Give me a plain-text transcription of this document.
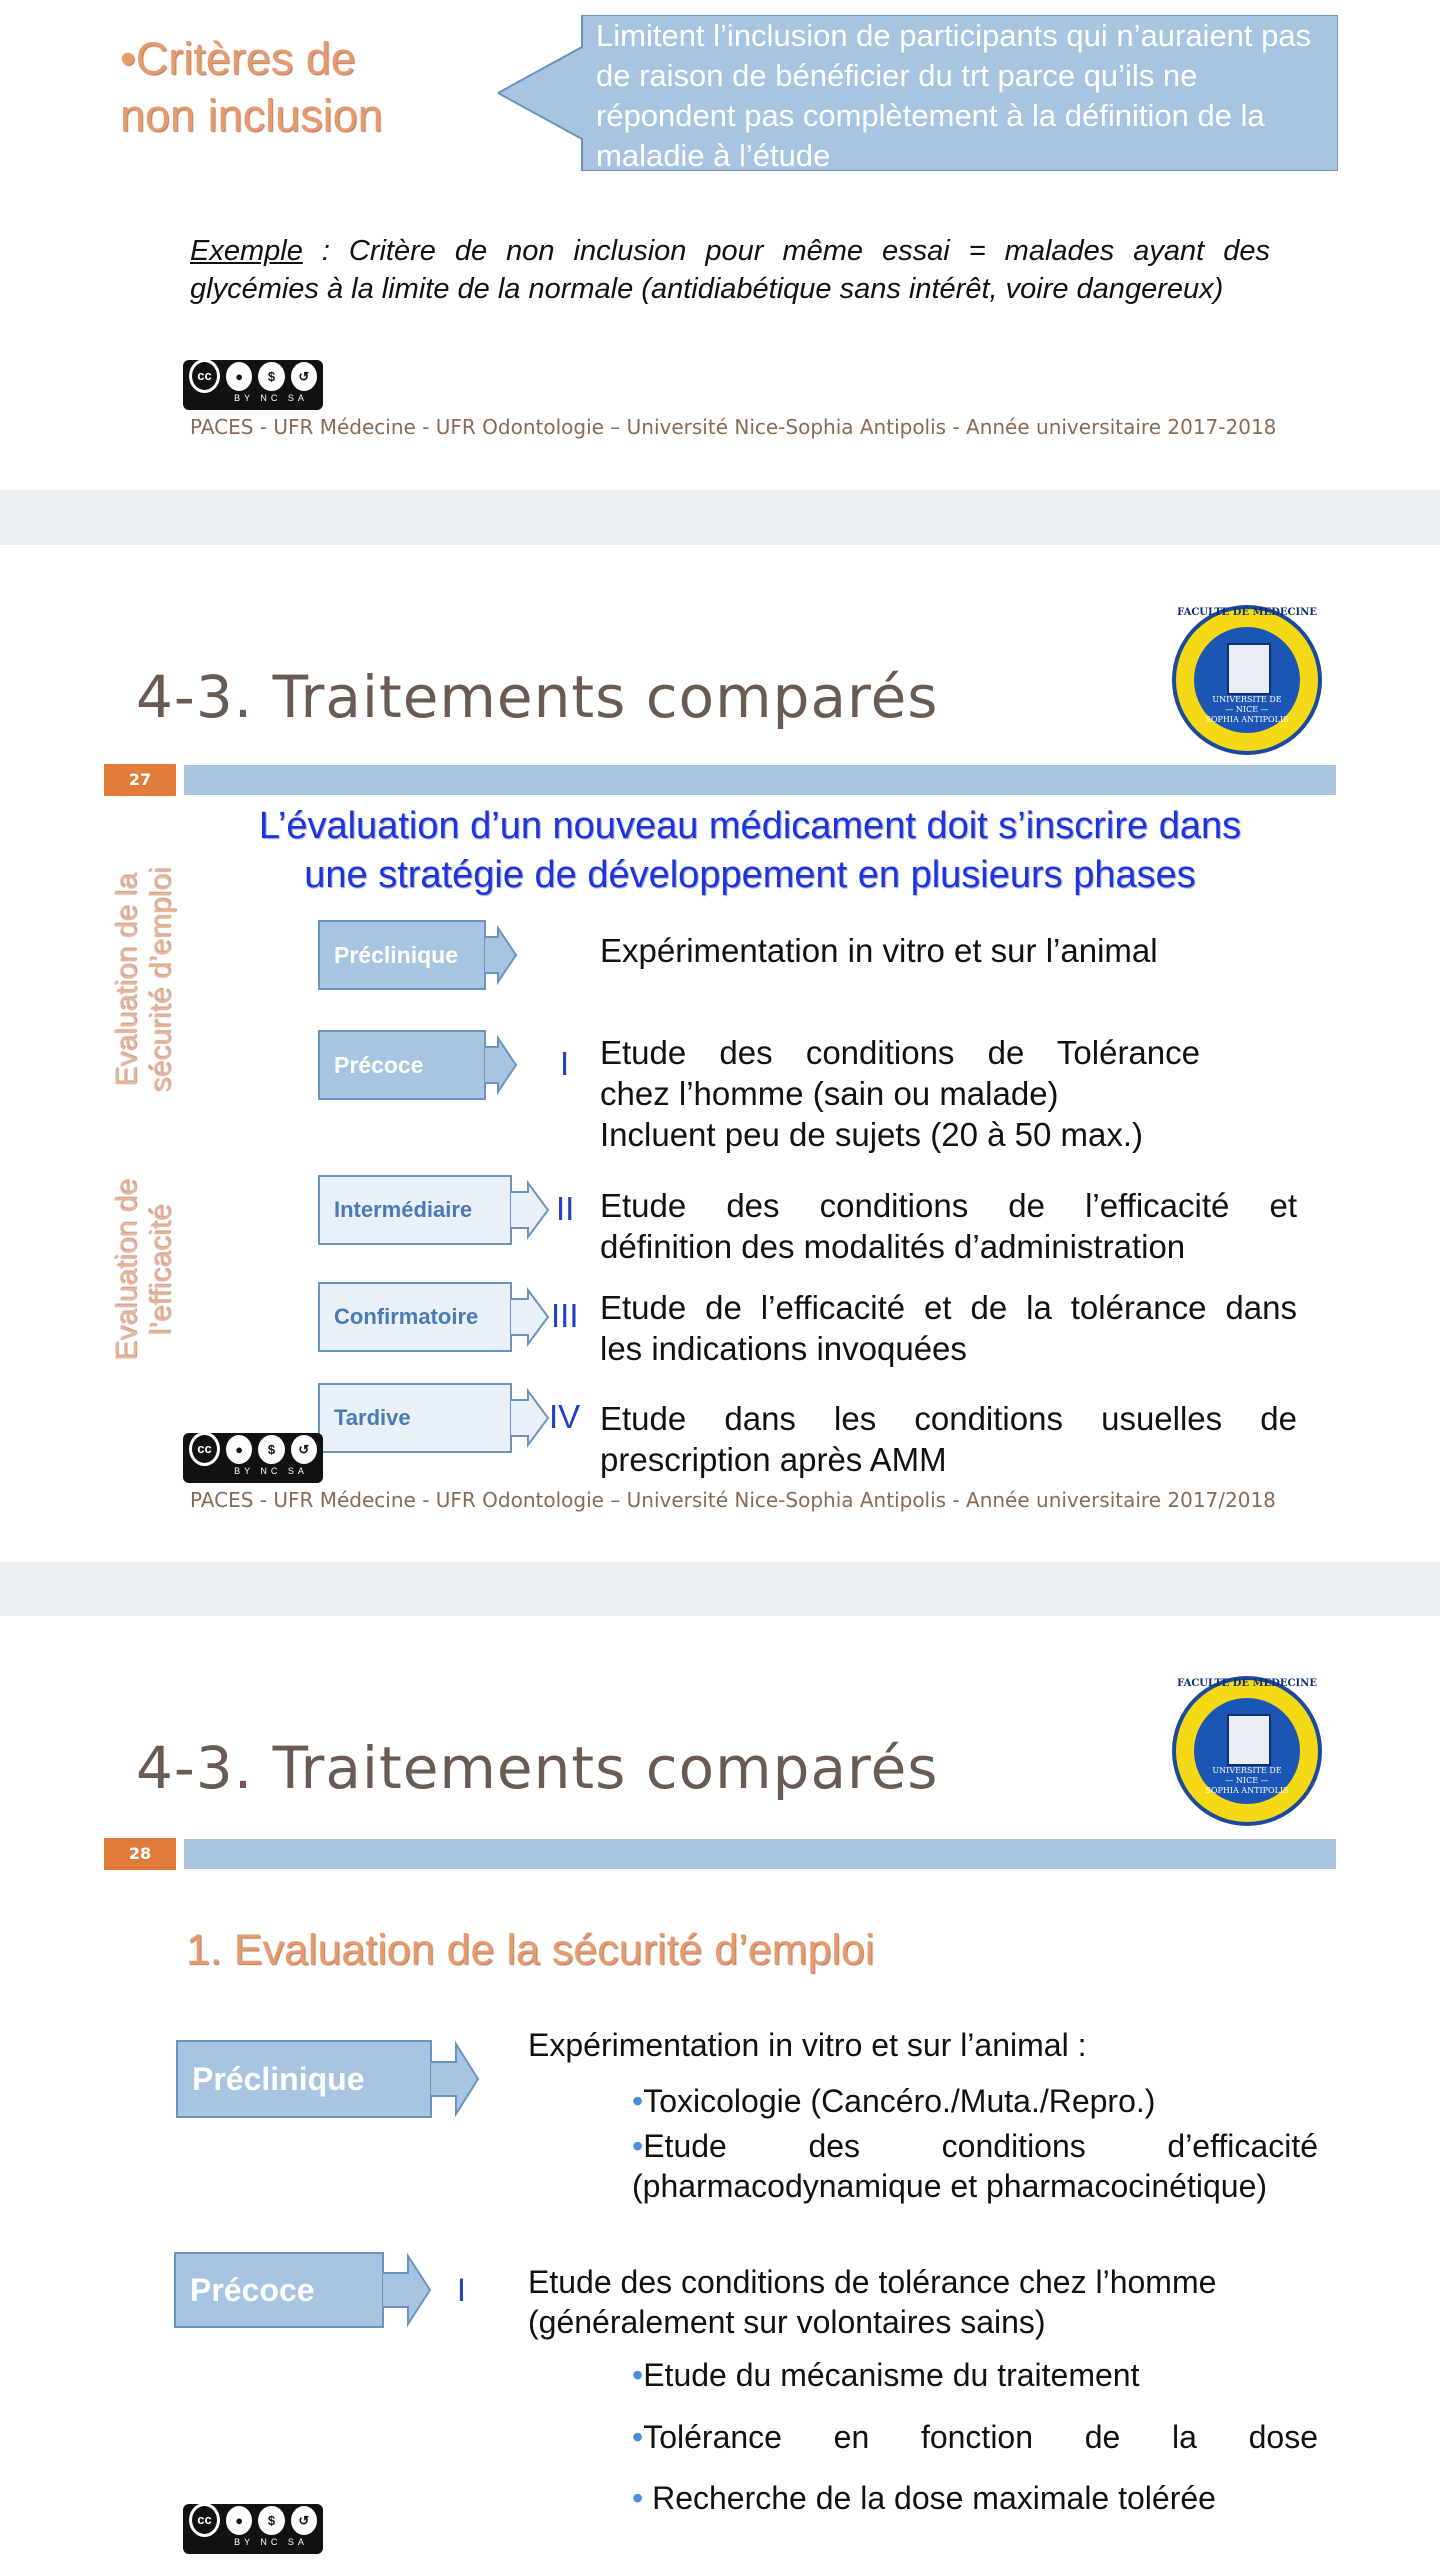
•Critères de
non inclusion
Limitent l’inclusion de participants qui n’auraient pas de raison de bénéficier du trt parce qu’ils ne répondent pas complètement à la définition de la maladie à l’étude
Exemple : Critère de non inclusion pour même essai = malades ayant des glycémies à la limite de la normale (antidiabétique sans intérêt, voire dangereux)
cc	●	$	↺
BY NC SA
PACES - UFR Médecine - UFR Odontologie – Université Nice-Sophia Antipolis - Année universitaire 2017-2018
4-3. Traitements comparés
FACULTE DE MEDECINE
UNIVERSITE DE
— NICE —
SOPHIA ANTIPOLIS
27
L’évaluation d’un nouveau médicament doit s’inscrire dans
une stratégie de développement en plusieurs phases
Evaluation de la
sécurité d’emploi
Evaluation de
l’efficacité
Préclinique	Expérimentation in vitro et sur l’animal
Précoce	I Etude des conditions de Tolérance
chez l’homme (sain ou malade)
Incluent peu de sujets (20 à 50 max.)
Intermédiaire	II Etude des conditions de l’efficacité et
définition des modalités d’administration
Confirmatoire III Etude de l’efficacité et de la tolérance dans
les indications invoquées
Tardive	IV Etude dans les conditions usuelles de
prescription après AMM
cc	●	$	↺
BY NC SA
PACES - UFR Médecine - UFR Odontologie – Université Nice-Sophia Antipolis - Année universitaire 2017/2018
4-3. Traitements comparés
FACULTE DE MEDECINE
UNIVERSITE DE
— NICE —
SOPHIA ANTIPOLIS
28
1. Evaluation de la sécurité d’emploi
Préclinique
Expérimentation in vitro et sur l’animal :
•Toxicologie (Cancéro./Muta./Repro.)
•Etude des conditions d’efficacité
(pharmacodynamique et pharmacocinétique)
Précoce	I Etude des conditions de tolérance chez l’homme
(généralement sur volontaires sains)
•Etude du mécanisme du traitement
•Tolérance en fonction de la dose
• Recherche de la dose maximale tolérée
cc	●	$	↺
BY NC SA
